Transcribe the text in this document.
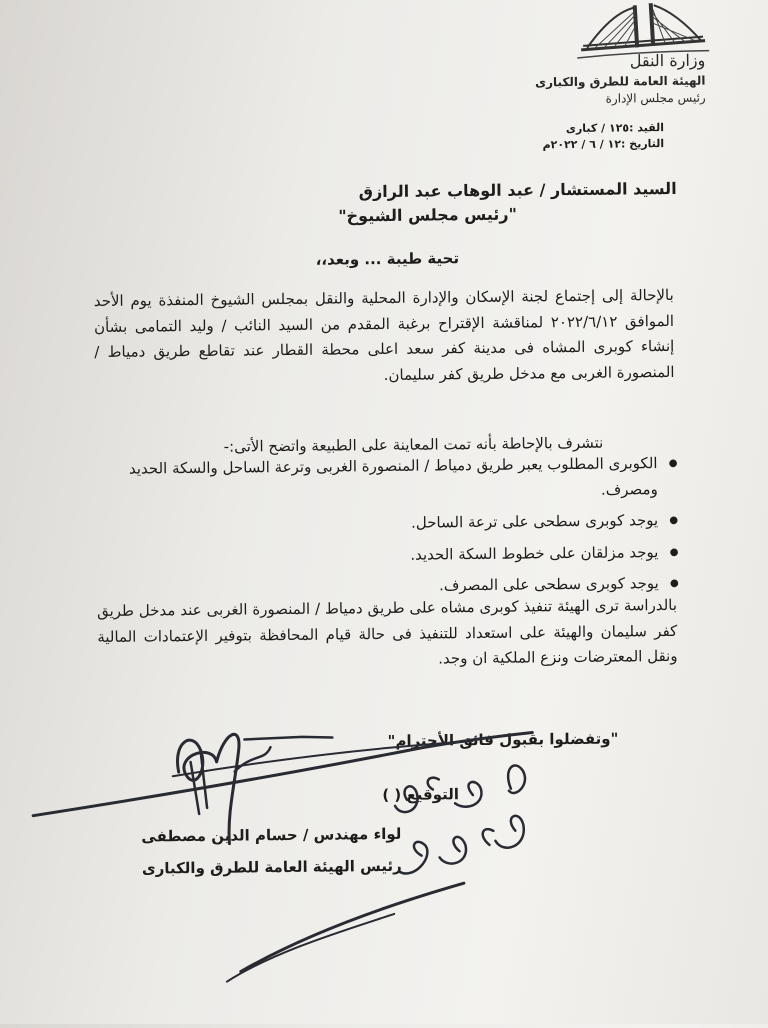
وزارة النقل
الهيئة العامة للطرق والكبارى
رئيس مجلس الإدارة
القيد :١٢٥ / كبارى
التاريخ :١٢ / ٦ / ٢٠٢٢م
السيد المستشار / عبد الوهاب عبد الرازق
"رئيس مجلس الشيوخ"
تحية طيبة ... وبعد،،
بالإحالة إلى إجتماع لجنة الإسكان والإدارة المحلية والنقل بمجلس الشيوخ المنفذة يوم الأحد الموافق ٢٠٢٢/٦/١٢ لمناقشة الإقتراح برغبة المقدم من السيد النائب / وليد التمامى بشأن إنشاء كوبرى المشاه فى مدينة كفر سعد اعلى محطة القطار عند تقاطع طريق دمياط / المنصورة الغربى مع مدخل طريق كفر سليمان.
نتشرف بالإحاطة بأنه تمت المعاينة على الطبيعة واتضح الأتى:-
● الكوبرى المطلوب يعبر طريق دمياط / المنصورة الغربى وترعة الساحل والسكة الحديد ومصرف.
● يوجد كوبرى سطحى على ترعة الساحل.
● يوجد مزلقان على خطوط السكة الحديد.
● يوجد كوبرى سطحى على المصرف.
بالدراسة ترى الهيئة تنفيذ كوبرى مشاه على طريق دمياط / المنصورة الغربى عند مدخل طريق كفر سليمان والهيئة على استعداد للتنفيذ فى حالة قيام المحافظة بتوفير الإعتمادات المالية ونقل المعترضات ونزع الملكية ان وجد.
"وتفضلوا بقبول فائق الأحترام"
التوقيع ( )
لواء مهندس / حسام الدين مصطفى
رئيس الهيئة العامة للطرق والكبارى
